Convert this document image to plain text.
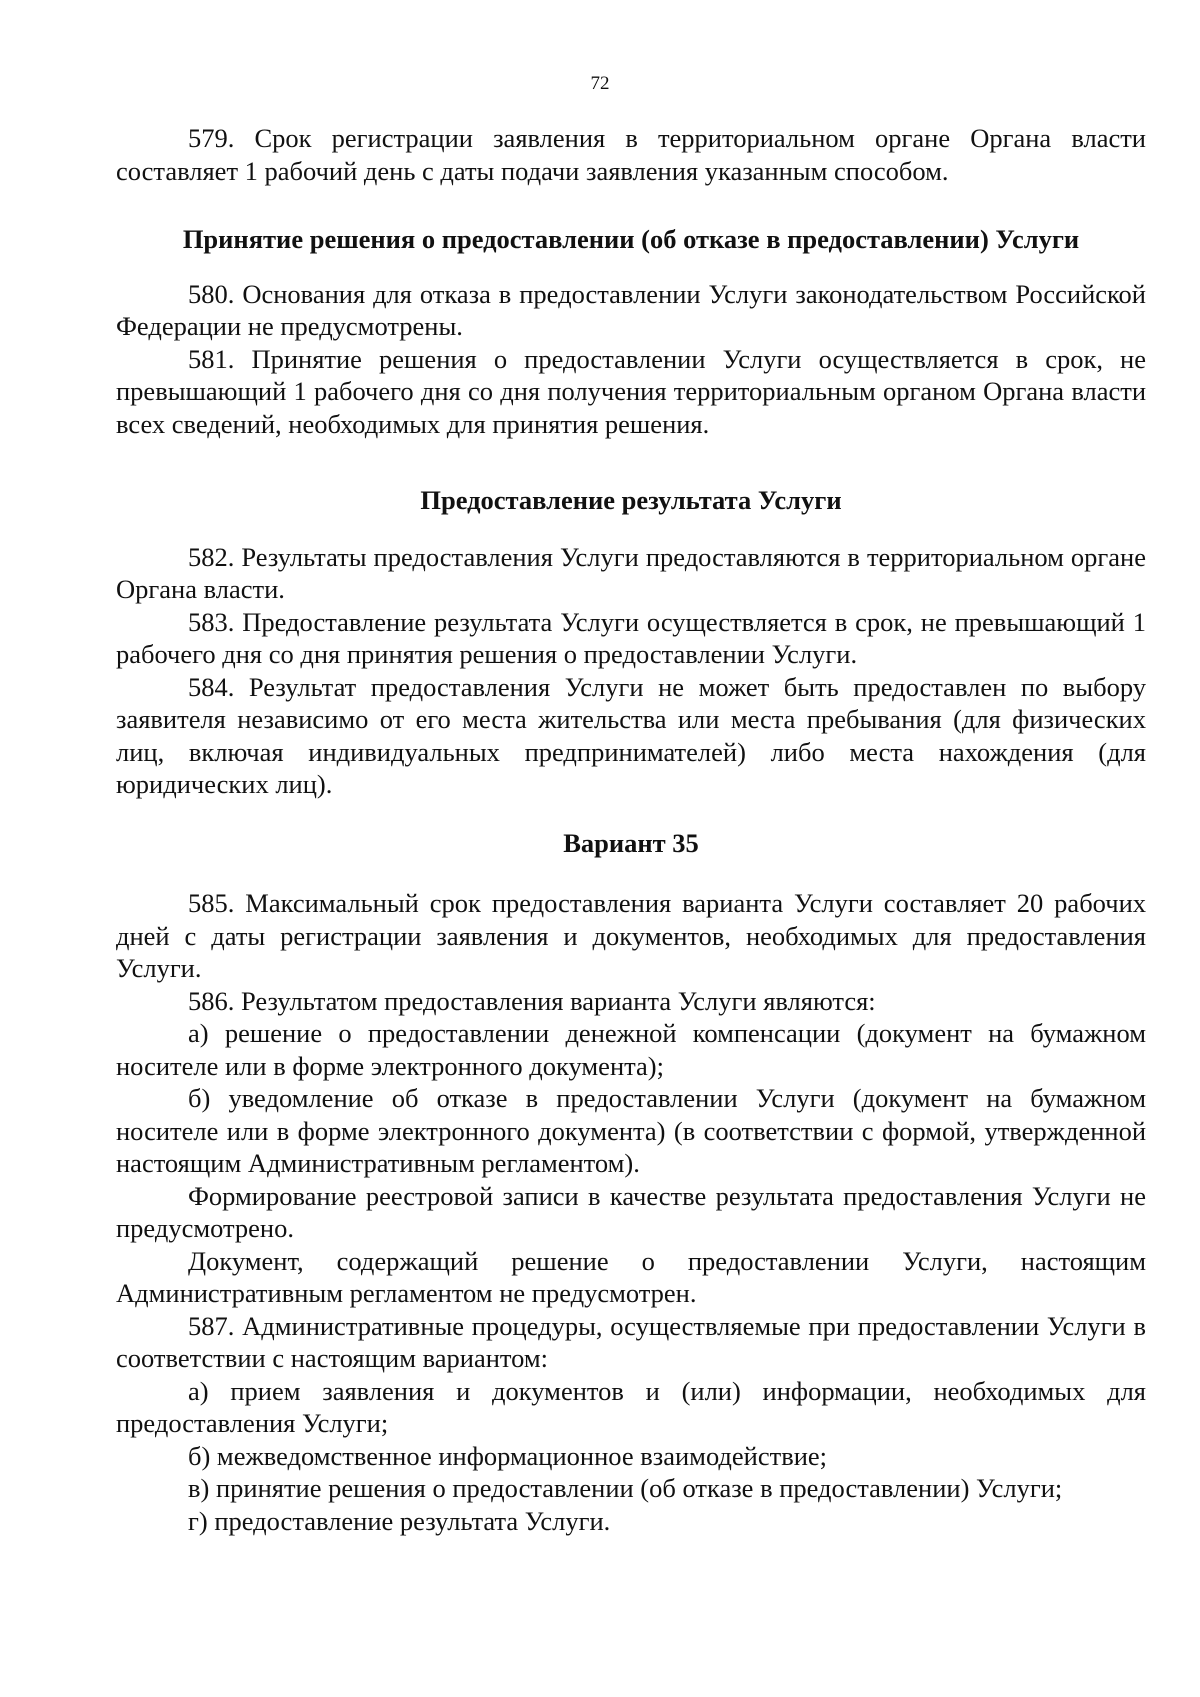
72

579. Срок регистрации заявления в территориальном органе Органа власти составляет 1 рабочий день с даты подачи заявления указанным способом.

Принятие решения о предоставлении (об отказе в предоставлении) Услуги

580. Основания для отказа в предоставлении Услуги законодательством Российской Федерации не предусмотрены.

581. Принятие решения о предоставлении Услуги осуществляется в срок, не превышающий 1 рабочего дня со дня получения территориальным органом Органа власти всех сведений, необходимых для принятия решения.

Предоставление результата Услуги

582. Результаты предоставления Услуги предоставляются в территориальном органе Органа власти.

583. Предоставление результата Услуги осуществляется в срок, не превышающий 1 рабочего дня со дня принятия решения о предоставлении Услуги.

584. Результат предоставления Услуги не может быть предоставлен по выбору заявителя независимо от его места жительства или места пребывания (для физических лиц, включая индивидуальных предпринимателей) либо места нахождения (для юридических лиц).

Вариант 35

585. Максимальный срок предоставления варианта Услуги составляет 20 рабочих дней с даты регистрации заявления и документов, необходимых для предоставления Услуги.

586. Результатом предоставления варианта Услуги являются:

а) решение о предоставлении денежной компенсации (документ на бумажном носителе или в форме электронного документа);

б) уведомление об отказе в предоставлении Услуги (документ на бумажном носителе или в форме электронного документа) (в соответствии с формой, утвержденной настоящим Административным регламентом).

Формирование реестровой записи в качестве результата предоставления Услуги не предусмотрено.

Документ, содержащий решение о предоставлении Услуги, настоящим Административным регламентом не предусмотрен.

587. Административные процедуры, осуществляемые при предоставлении Услуги в соответствии с настоящим вариантом:

а) прием заявления и документов и (или) информации, необходимых для предоставления Услуги;

б) межведомственное информационное взаимодействие;

в) принятие решения о предоставлении (об отказе в предоставлении) Услуги;

г) предоставление результата Услуги.
